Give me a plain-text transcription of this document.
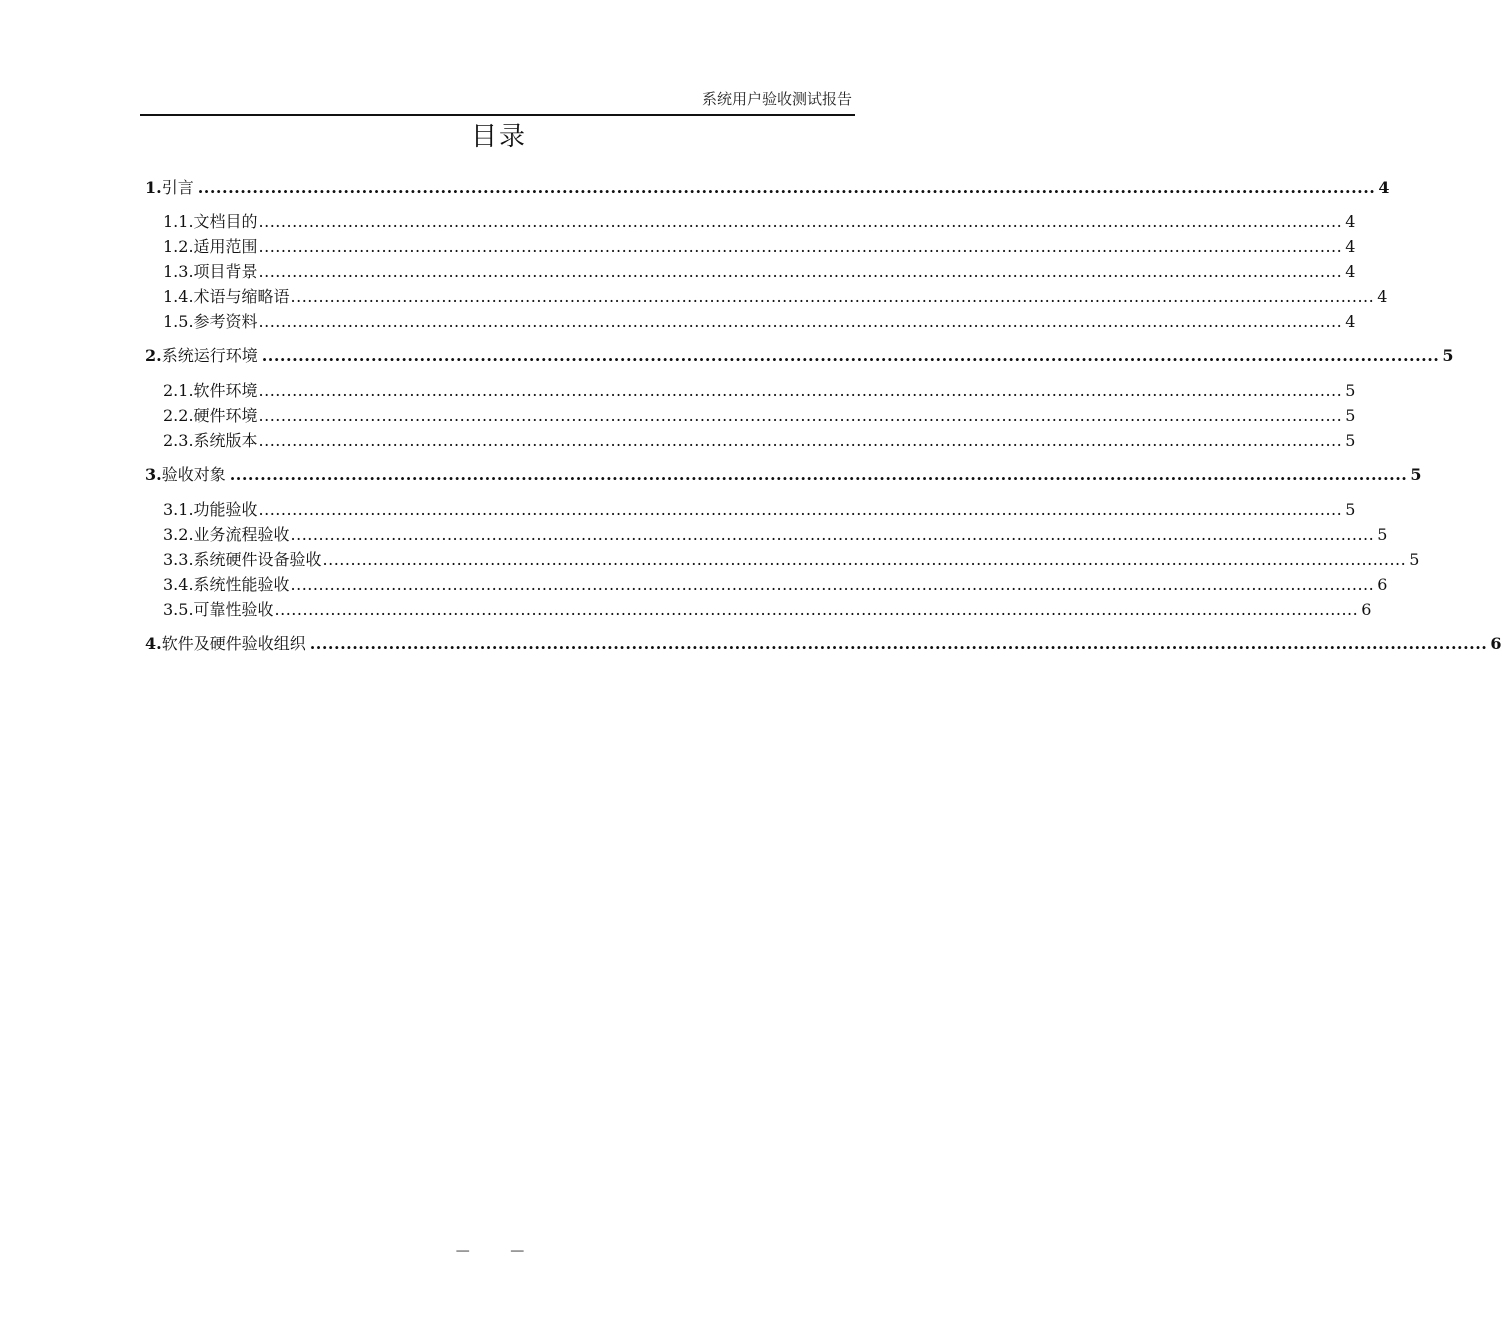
系统用户验收测试报告
目录
1. 引言 .................................................................................................................................................................................................. 4
1.1. 文档目的 .................................................................................................................................................................................................. 4
1.2. 适用范围 .................................................................................................................................................................................................. 4
1.3. 项目背景 .................................................................................................................................................................................................. 4
1.4. 术语与缩略语 .................................................................................................................................................................................................. 4
1.5. 参考资料 .................................................................................................................................................................................................. 4
2. 系统运行环境 .................................................................................................................................................................................................. 5
2.1. 软件环境 .................................................................................................................................................................................................. 5
2.2. 硬件环境 .................................................................................................................................................................................................. 5
2.3. 系统版本 .................................................................................................................................................................................................. 5
3. 验收对象 .................................................................................................................................................................................................. 5
3.1. 功能验收 .................................................................................................................................................................................................. 5
3.2. 业务流程验收 .................................................................................................................................................................................................. 5
3.3. 系统硬件设备验收 .................................................................................................................................................................................................. 5
3.4. 系统性能验收 .................................................................................................................................................................................................. 6
3.5. 可靠性验收 .................................................................................................................................................................................................. 6
4. 软件及硬件验收组织 .................................................................................................................................................................................................. 6
— —
